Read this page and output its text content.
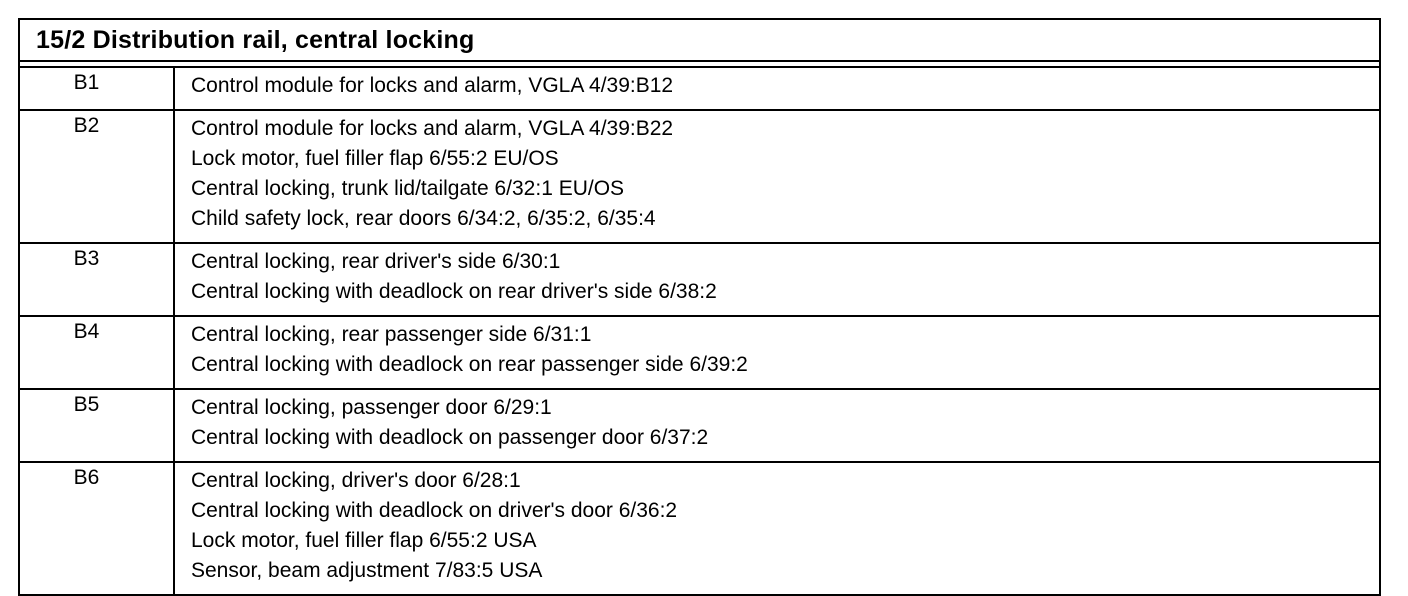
15/2 Distribution rail, central locking
B1	Control module for locks and alarm, VGLA 4/39:B12
B2	Control module for locks and alarm, VGLA 4/39:B22
Lock motor, fuel filler flap 6/55:2 EU/OS
Central locking, trunk lid/tailgate 6/32:1 EU/OS
Child safety lock, rear doors 6/34:2, 6/35:2, 6/35:4
B3	Central locking, rear driver's side 6/30:1
Central locking with deadlock on rear driver's side 6/38:2
B4	Central locking, rear passenger side 6/31:1
Central locking with deadlock on rear passenger side 6/39:2
B5	Central locking, passenger door 6/29:1
Central locking with deadlock on passenger door 6/37:2
B6	Central locking, driver's door 6/28:1
Central locking with deadlock on driver's door 6/36:2
Lock motor, fuel filler flap 6/55:2 USA
Sensor, beam adjustment 7/83:5 USA
